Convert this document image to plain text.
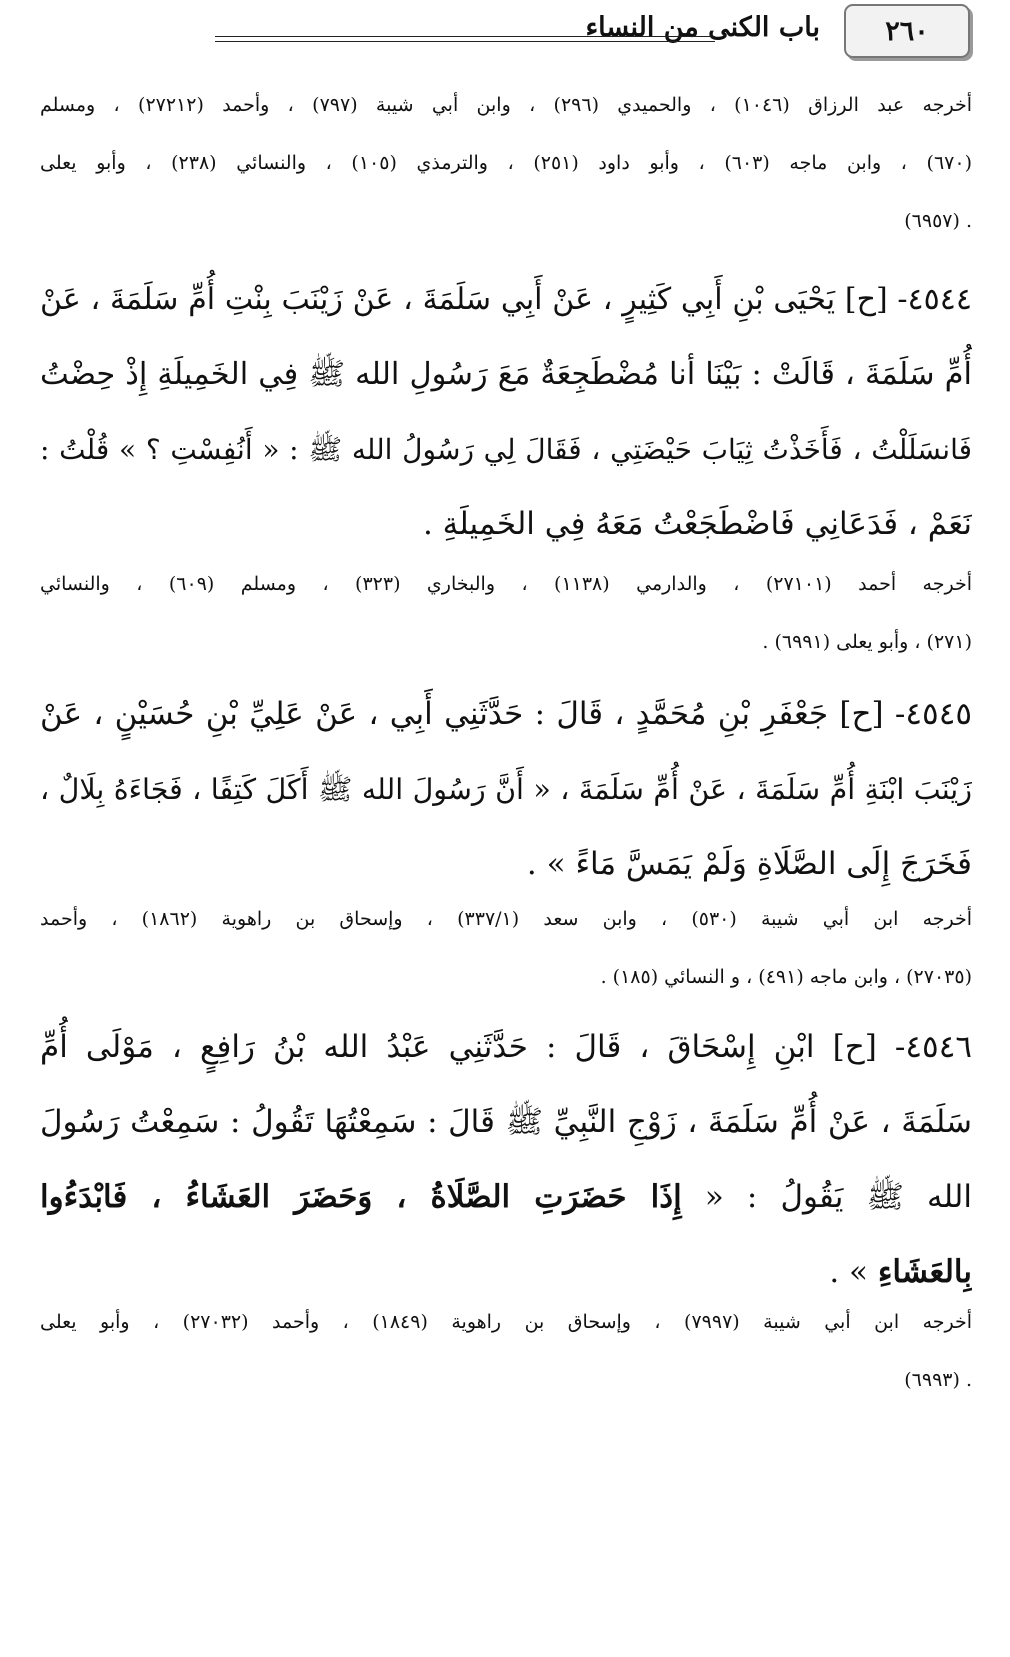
٢٦٠
باب الكنى من النساء
أخرجه عبد الرزاق (١٠٤٦) ، والحميدي (٢٩٦) ، وابن أبي شيبة (٧٩٧) ، وأحمد (٢٧٢١٢) ، ومسلم
(٦٧٠) ، وابن ماجه (٦٠٣) ، وأبو داود (٢٥١) ، والترمذي (١٠٥) ، والنسائي (٢٣٨) ، وأبو يعلى
. (٦٩٥٧)
٤٥٤٤- [ح] يَحْيَى بْنِ أَبِي كَثِيرٍ ، عَنْ أَبِي سَلَمَةَ ، عَنْ زَيْنَبَ بِنْتِ أُمِّ سَلَمَةَ ، عَنْ
أُمِّ سَلَمَةَ ، قَالَتْ : بَيْنَا أنا مُضْطَجِعَةٌ مَعَ رَسُولِ الله ﷺ فِي الخَمِيلَةِ إِذْ حِضْتُ
فَانسَلَلْتُ ، فَأَخَذْتُ ثِيَابَ حَيْضَتِي ، فَقَالَ لِي رَسُولُ الله ﷺ : « أَنُفِسْتِ ؟ » قُلْتُ :
نَعَمْ ، فَدَعَانِي فَاضْطَجَعْتُ مَعَهُ فِي الخَمِيلَةِ .
أخرجه أحمد (٢٧١٠١) ، والدارمي (١١٣٨) ، والبخاري (٣٢٣) ، ومسلم (٦٠٩) ، والنسائي
(٢٧١) ، وأبو يعلى (٦٩٩١) .
٤٥٤٥- [ح] جَعْفَرِ بْنِ مُحَمَّدٍ ، قَالَ : حَدَّثَنِي أَبِي ، عَنْ عَلِيِّ بْنِ حُسَيْنٍ ، عَنْ
زَيْنَبَ ابْنَةِ أُمِّ سَلَمَةَ ، عَنْ أُمِّ سَلَمَةَ ، « أَنَّ رَسُولَ الله ﷺ أَكَلَ كَتِفًا ، فَجَاءَهُ بِلَالٌ ،
فَخَرَجَ إِلَى الصَّلَاةِ وَلَمْ يَمَسَّ مَاءً » .
أخرجه ابن أبي شيبة (٥٣٠) ، وابن سعد (٣٣٧/١) ، وإسحاق بن راهوية (١٨٦٢) ، وأحمد
(٢٧٠٣٥) ، وابن ماجه (٤٩١) ، و النسائي (١٨٥) .
٤٥٤٦- [ح] ابْنِ إِسْحَاقَ ، قَالَ : حَدَّثَنِي عَبْدُ الله بْنُ رَافِعٍ ، مَوْلَى أُمِّ
سَلَمَةَ ، عَنْ أُمِّ سَلَمَةَ ، زَوْجِ النَّبِيِّ ﷺ قَالَ : سَمِعْتُهَا تَقُولُ : سَمِعْتُ رَسُولَ
الله ﷺ يَقُولُ : « إِذَا حَضَرَتِ الصَّلَاةُ ، وَحَضَرَ العَشَاءُ ، فَابْدَءُوا
بِالعَشَاءِ » .
أخرجه ابن أبي شيبة (٧٩٩٧) ، وإسحاق بن راهوية (١٨٤٩) ، وأحمد (٢٧٠٣٢) ، وأبو يعلى
. (٦٩٩٣)
